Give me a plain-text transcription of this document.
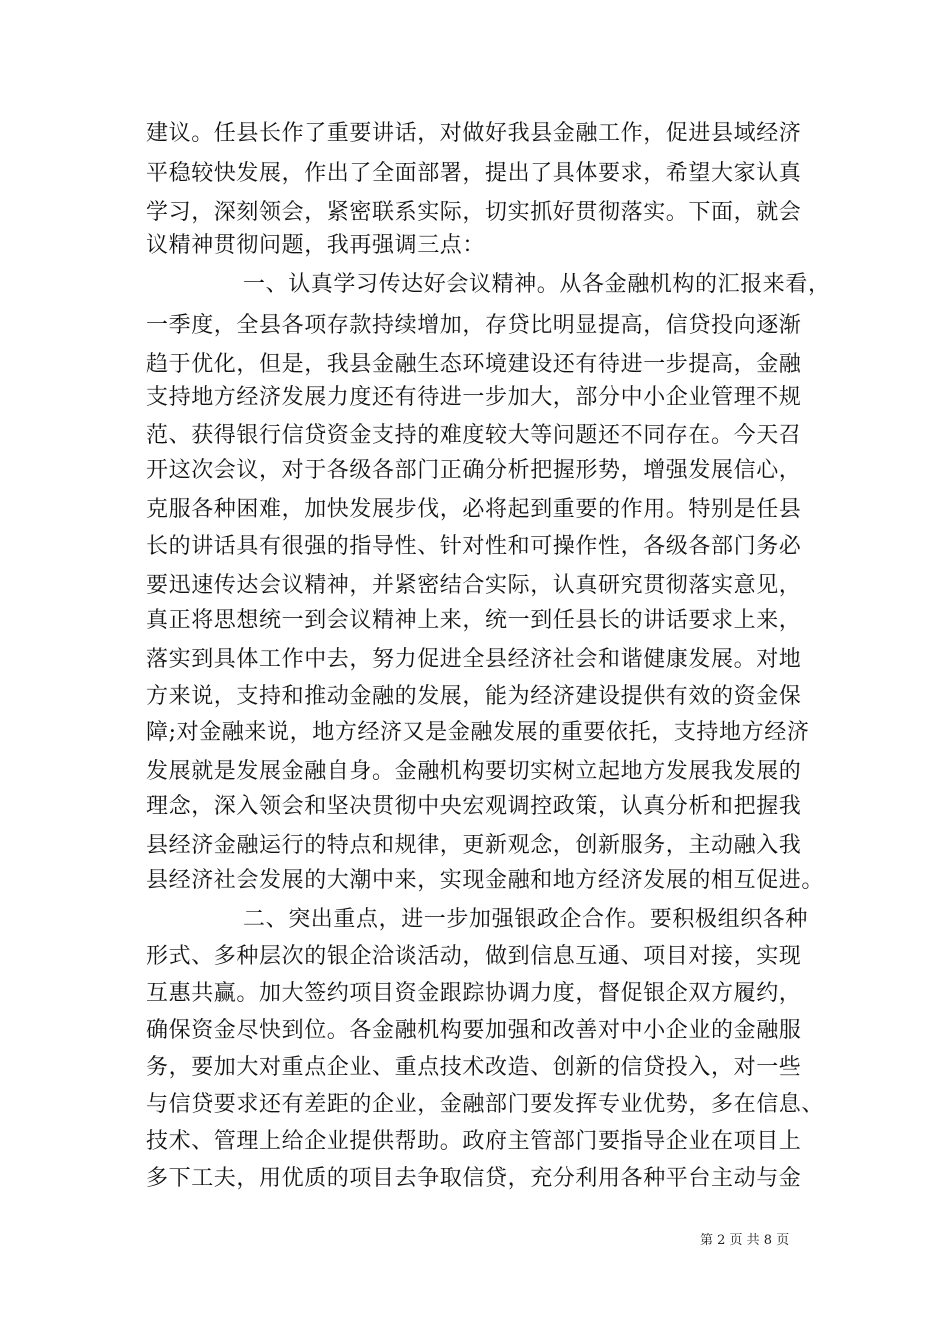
建议。任县长作了重要讲话，对做好我县金融工作，促进县域经济
平稳较快发展，作出了全面部署，提出了具体要求，希望大家认真
学习，深刻领会，紧密联系实际，切实抓好贯彻落实。下面，就会
议精神贯彻问题，我再强调三点：
一、认真学习传达好会议精神。从各金融机构的汇报来看，
一季度，全县各项存款持续增加，存贷比明显提高，信贷投向逐渐
趋于优化，但是，我县金融生态环境建设还有待进一步提高，金融
支持地方经济发展力度还有待进一步加大，部分中小企业管理不规
范、获得银行信贷资金支持的难度较大等问题还不同存在。今天召
开这次会议，对于各级各部门正确分析把握形势，增强发展信心，
克服各种困难，加快发展步伐，必将起到重要的作用。特别是任县
长的讲话具有很强的指导性、针对性和可操作性，各级各部门务必
要迅速传达会议精神，并紧密结合实际，认真研究贯彻落实意见，
真正将思想统一到会议精神上来，统一到任县长的讲话要求上来，
落实到具体工作中去，努力促进全县经济社会和谐健康发展。对地
方来说，支持和推动金融的发展，能为经济建设提供有效的资金保
障;对金融来说，地方经济又是金融发展的重要依托，支持地方经济
发展就是发展金融自身。金融机构要切实树立起地方发展我发展的
理念，深入领会和坚决贯彻中央宏观调控政策，认真分析和把握我
县经济金融运行的特点和规律，更新观念，创新服务，主动融入我
县经济社会发展的大潮中来，实现金融和地方经济发展的相互促进。
二、突出重点，进一步加强银政企合作。要积极组织各种
形式、多种层次的银企洽谈活动，做到信息互通、项目对接，实现
互惠共赢。加大签约项目资金跟踪协调力度，督促银企双方履约，
确保资金尽快到位。各金融机构要加强和改善对中小企业的金融服
务，要加大对重点企业、重点技术改造、创新的信贷投入，对一些
与信贷要求还有差距的企业，金融部门要发挥专业优势，多在信息、
技术、管理上给企业提供帮助。政府主管部门要指导企业在项目上
多下工夫，用优质的项目去争取信贷，充分利用各种平台主动与金
第 2 页 共 8 页
